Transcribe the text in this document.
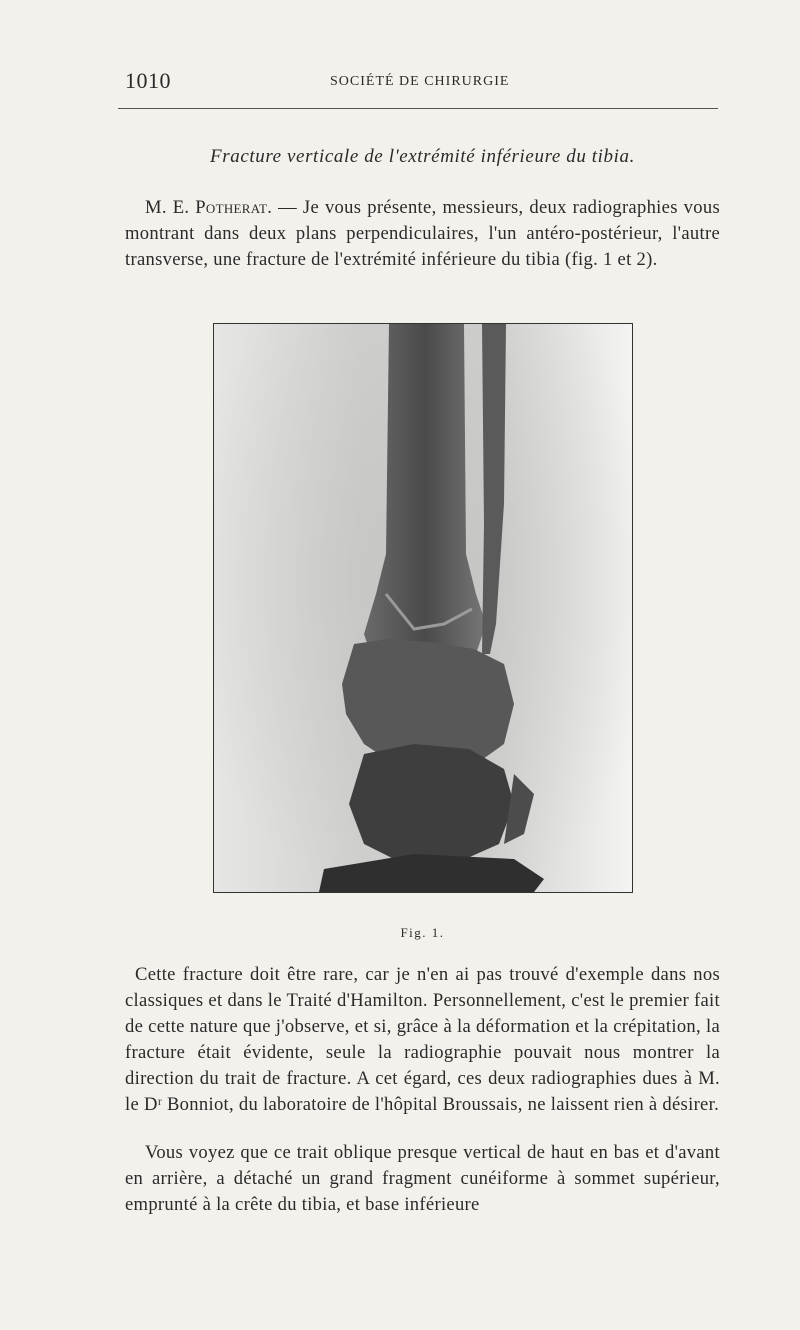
1010	SOCIÉTÉ DE CHIRURGIE
Fracture verticale de l'extrémité inférieure du tibia.

M. E. Potherat. — Je vous présente, messieurs, deux radiographies vous montrant dans deux plans perpendiculaires, l'un antéro-postérieur, l'autre transverse, une fracture de l'extrémité inférieure du tibia (fig. 1 et 2).

Fig. 1.

Cette fracture doit être rare, car je n'en ai pas trouvé d'exemple dans nos classiques et dans le Traité d'Hamilton. Personnellement, c'est le premier fait de cette nature que j'observe, et si, grâce à la déformation et la crépitation, la fracture était évidente, seule la radiographie pouvait nous montrer la direction du trait de fracture. A cet égard, ces deux radiographies dues à M. le Dʳ Bonniot, du laboratoire de l'hôpital Broussais, ne laissent rien à désirer.

Vous voyez que ce trait oblique presque vertical de haut en bas et d'avant en arrière, a détaché un grand fragment cunéiforme à sommet supérieur, emprunté à la crête du tibia, et base inférieure
